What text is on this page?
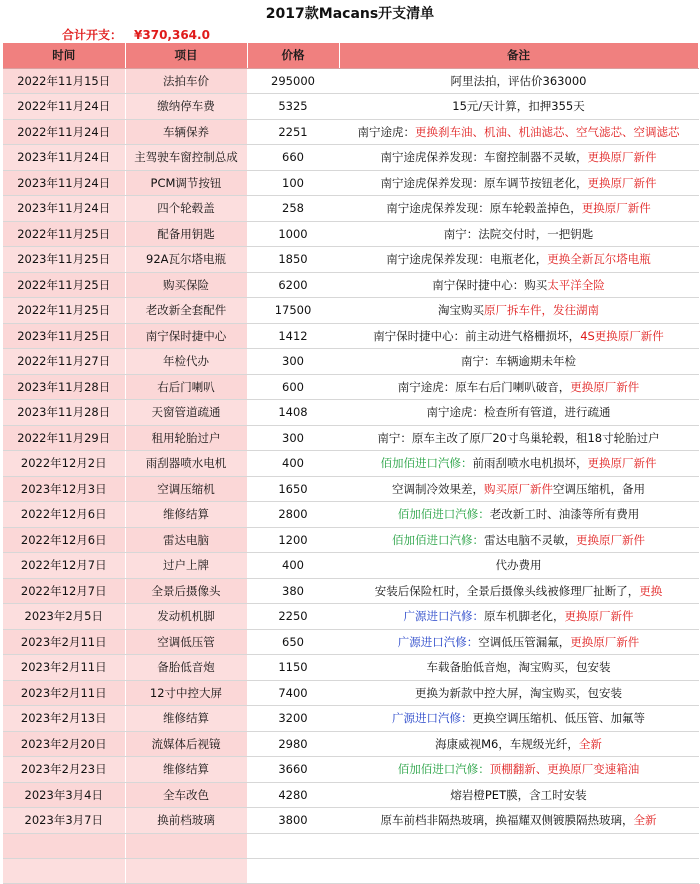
2017款Macans开支清单
合计开支： ¥370,364.0
时间	项目	价格	备注
2022年11月15日	法拍车价	295000	阿里法拍，评估价363000
2022年11月24日	缴纳停车费	5325	15元/天计算，扣押355天
2022年11月24日	车辆保养	2251	南宁途虎：更换刹车油、机油、机油滤芯、空气滤芯、空调滤芯
2023年11月24日	主驾驶车窗控制总成	660	南宁途虎保养发现：车窗控制器不灵敏，更换原厂新件
2023年11月24日	PCM调节按钮	100	南宁途虎保养发现：原车调节按钮老化，更换原厂新件
2023年11月24日	四个轮毂盖	258	南宁途虎保养发现：原车轮毂盖掉色，更换原厂新件
2022年11月25日	配备用钥匙	1000	南宁：法院交付时，一把钥匙
2023年11月25日	92A瓦尔塔电瓶	1850	南宁途虎保养发现：电瓶老化，更换全新瓦尔塔电瓶
2022年11月25日	购买保险	6200	南宁保时捷中心：购买太平洋全险
2022年11月25日	老改新全套配件	17500	淘宝购买原厂拆车件，发往湖南
2023年11月25日	南宁保时捷中心	1412	南宁保时捷中心：前主动进气格栅损坏，4S更换原厂新件
2022年11月27日	年检代办	300	南宁：车辆逾期未年检
2023年11月28日	右后门喇叭	600	南宁途虎：原车右后门喇叭破音，更换原厂新件
2023年11月28日	天窗管道疏通	1408	南宁途虎：检查所有管道，进行疏通
2022年11月29日	租用轮胎过户	300	南宁：原车主改了原厂20寸鸟巢轮毂，租18寸轮胎过户
2022年12月2日	雨刮器喷水电机	400	佰加佰进口汽修：前雨刮喷水电机损坏，更换原厂新件
2023年12月3日	空调压缩机	1650	空调制冷效果差，购买原厂新件空调压缩机，备用
2022年12月6日	维修结算	2800	佰加佰进口汽修：老改新工时、油漆等所有费用
2022年12月6日	雷达电脑	1200	佰加佰进口汽修：雷达电脑不灵敏，更换原厂新件
2022年12月7日	过户上牌	400	代办费用
2022年12月7日	全景后摄像头	380	安装后保险杠时，全景后摄像头线被修理厂扯断了，更换
2023年2月5日	发动机机脚	2250	广源进口汽修：原车机脚老化，更换原厂新件
2023年2月11日	空调低压管	650	广源进口汽修：空调低压管漏氟，更换原厂新件
2023年2月11日	备胎低音炮	1150	车载备胎低音炮，淘宝购买，包安装
2023年2月11日	12寸中控大屏	7400	更换为新款中控大屏，淘宝购买，包安装
2023年2月13日	维修结算	3200	广源进口汽修：更换空调压缩机、低压管、加氟等
2023年2月20日	流媒体后视镜	2980	海康威视M6，车规级光纤，全新
2023年2月23日	维修结算	3660	佰加佰进口汽修：顶棚翻新、更换原厂变速箱油
2023年3月4日	全车改色	4280	熔岩橙PET膜，含工时安装
2023年3月7日	换前档玻璃	3800	原车前档非隔热玻璃，换福耀双侧镀膜隔热玻璃，全新
